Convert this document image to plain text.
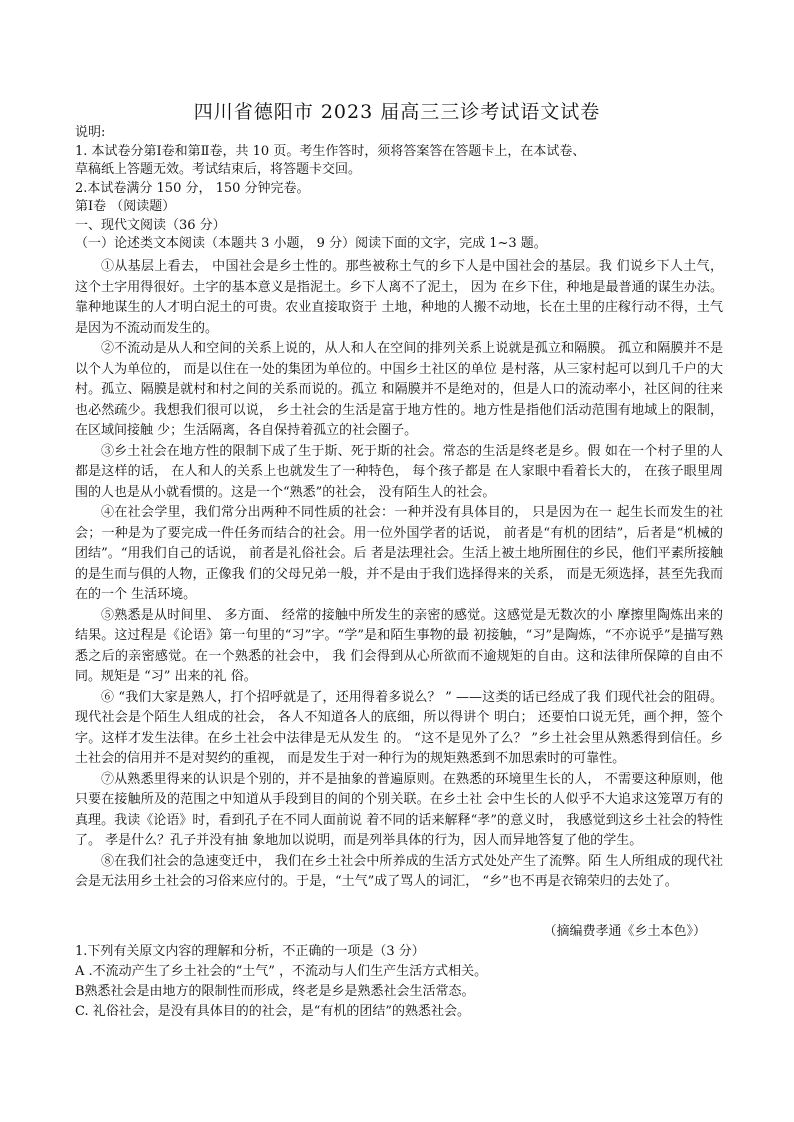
四川省德阳市 2023 届高三三诊考试语文试卷
说明:
1. 本试卷分第Ⅰ卷和第Ⅱ卷，共 10 页。考生作答时，须将答案答在答题卡上，在本试卷、
草稿纸上答题无效。考试结束后，将答题卡交回。
2.本试卷满分 150 分， 150 分钟完卷。
第Ⅰ卷 （阅读题）
一、现代文阅读（36 分）
（一）论述类文本阅读（本题共 3 小题， 9 分）阅读下面的文字，完成 1~3 题。
①从基层上看去， 中国社会是乡土性的。那些被称土气的乡下人是中国社会的基层。我 们说乡下人土气， 这个土字用得很好。土字的基本意义是指泥土。乡下人离不了泥土， 因为 在乡下住，种地是最普通的谋生办法。靠种地谋生的人才明白泥土的可贵。农业直接取资于 土地，种地的人搬不动地，长在土里的庄稼行动不得，土气是因为不流动而发生的。
②不流动是从人和空间的关系上说的，从人和人在空间的排列关系上说就是孤立和隔膜。 孤立和隔膜并不是以个人为单位的， 而是以住在一处的集团为单位的。中国乡土社区的单位 是村落，从三家村起可以到几千户的大村。孤立、隔膜是就村和村之间的关系而说的。孤立 和隔膜并不是绝对的，但是人口的流动率小，社区间的往来也必然疏少。我想我们很可以说， 乡土社会的生活是富于地方性的。地方性是指他们活动范围有地域上的限制， 在区域间接触 少；生活隔离，各自保持着孤立的社会圈子。
③乡土社会在地方性的限制下成了生于斯、死于斯的社会。常态的生活是终老是乡。假 如在一个村子里的人都是这样的话， 在人和人的关系上也就发生了一种特色， 每个孩子都是 在人家眼中看着长大的， 在孩子眼里周围的人也是从小就看惯的。这是一个“熟悉”的社会， 没有陌生人的社会。
④在社会学里，我们常分出两种不同性质的社会：一种并没有具体目的， 只是因为在一 起生长而发生的社会；一种是为了要完成一件任务而结合的社会。用一位外国学者的话说， 前者是“有机的团结”，后者是“机械的团结”。“用我们自己的话说， 前者是礼俗社会。后 者是法理社会。生活上被土地所囿住的乡民，他们平素所接触的是生而与俱的人物，正像我 们的父母兄弟一般，并不是由于我们选择得来的关系， 而是无须选择，甚至先我而在的一个 生活环境。
⑤熟悉是从时间里、 多方面、 经常的接触中所发生的亲密的感觉。这感觉是无数次的小 摩擦里陶炼出来的结果。这过程是《论语》第一句里的“习”字。“学”是和陌生事物的最 初接触，“习”是陶炼，“不亦说乎”是描写熟悉之后的亲密感觉。在一个熟悉的社会中， 我 们会得到从心所欲而不逾规矩的自由。这和法律所保障的自由不同。规矩是 “习” 出来的礼 俗。
⑥ “我们大家是熟人，打个招呼就是了，还用得着多说么？ ” ——这类的话已经成了我 们现代社会的阻碍。现代社会是个陌生人组成的社会， 各人不知道各人的底细，所以得讲个 明白； 还要怕口说无凭，画个押，签个字。这样才发生法律。在乡土社会中法律是无从发生 的。 “这不是见外了么？ ”乡土社会里从熟悉得到信任。乡土社会的信用并不是对契约的重视， 而是发生于对一种行为的规矩熟悉到不加思索时的可靠性。
⑦从熟悉里得来的认识是个别的，并不是抽象的普遍原则。在熟悉的环境里生长的人， 不需要这种原则，他只要在接触所及的范围之中知道从手段到目的间的个别关联。在乡土社 会中生长的人似乎不大追求这笼罩万有的真理。我读《论语》时，看到孔子在不同人面前说 着不同的话来解释“孝”的意义时， 我感觉到这乡土社会的特性了。 孝是什么？孔子并没有抽 象地加以说明，而是列举具体的行为，因人而异地答复了他的学生。
⑧在我们社会的急速变迁中， 我们在乡土社会中所养成的生活方式处处产生了流弊。陌 生人所组成的现代社会是无法用乡土社会的习俗来应付的。于是，“土气”成了骂人的词汇， “乡”也不再是衣锦荣归的去处了。
（摘编费孝通《乡土本色》）
1.下列有关原文内容的理解和分析，不正确的一项是（3 分）
A .不流动产生了乡土社会的“土气” ，不流动与人们生产生活方式相关。
B熟悉社会是由地方的限制性而形成，终老是乡是熟悉社会生活常态。
C. 礼俗社会，是没有具体目的的社会，是“有机的团结”的熟悉社会。
